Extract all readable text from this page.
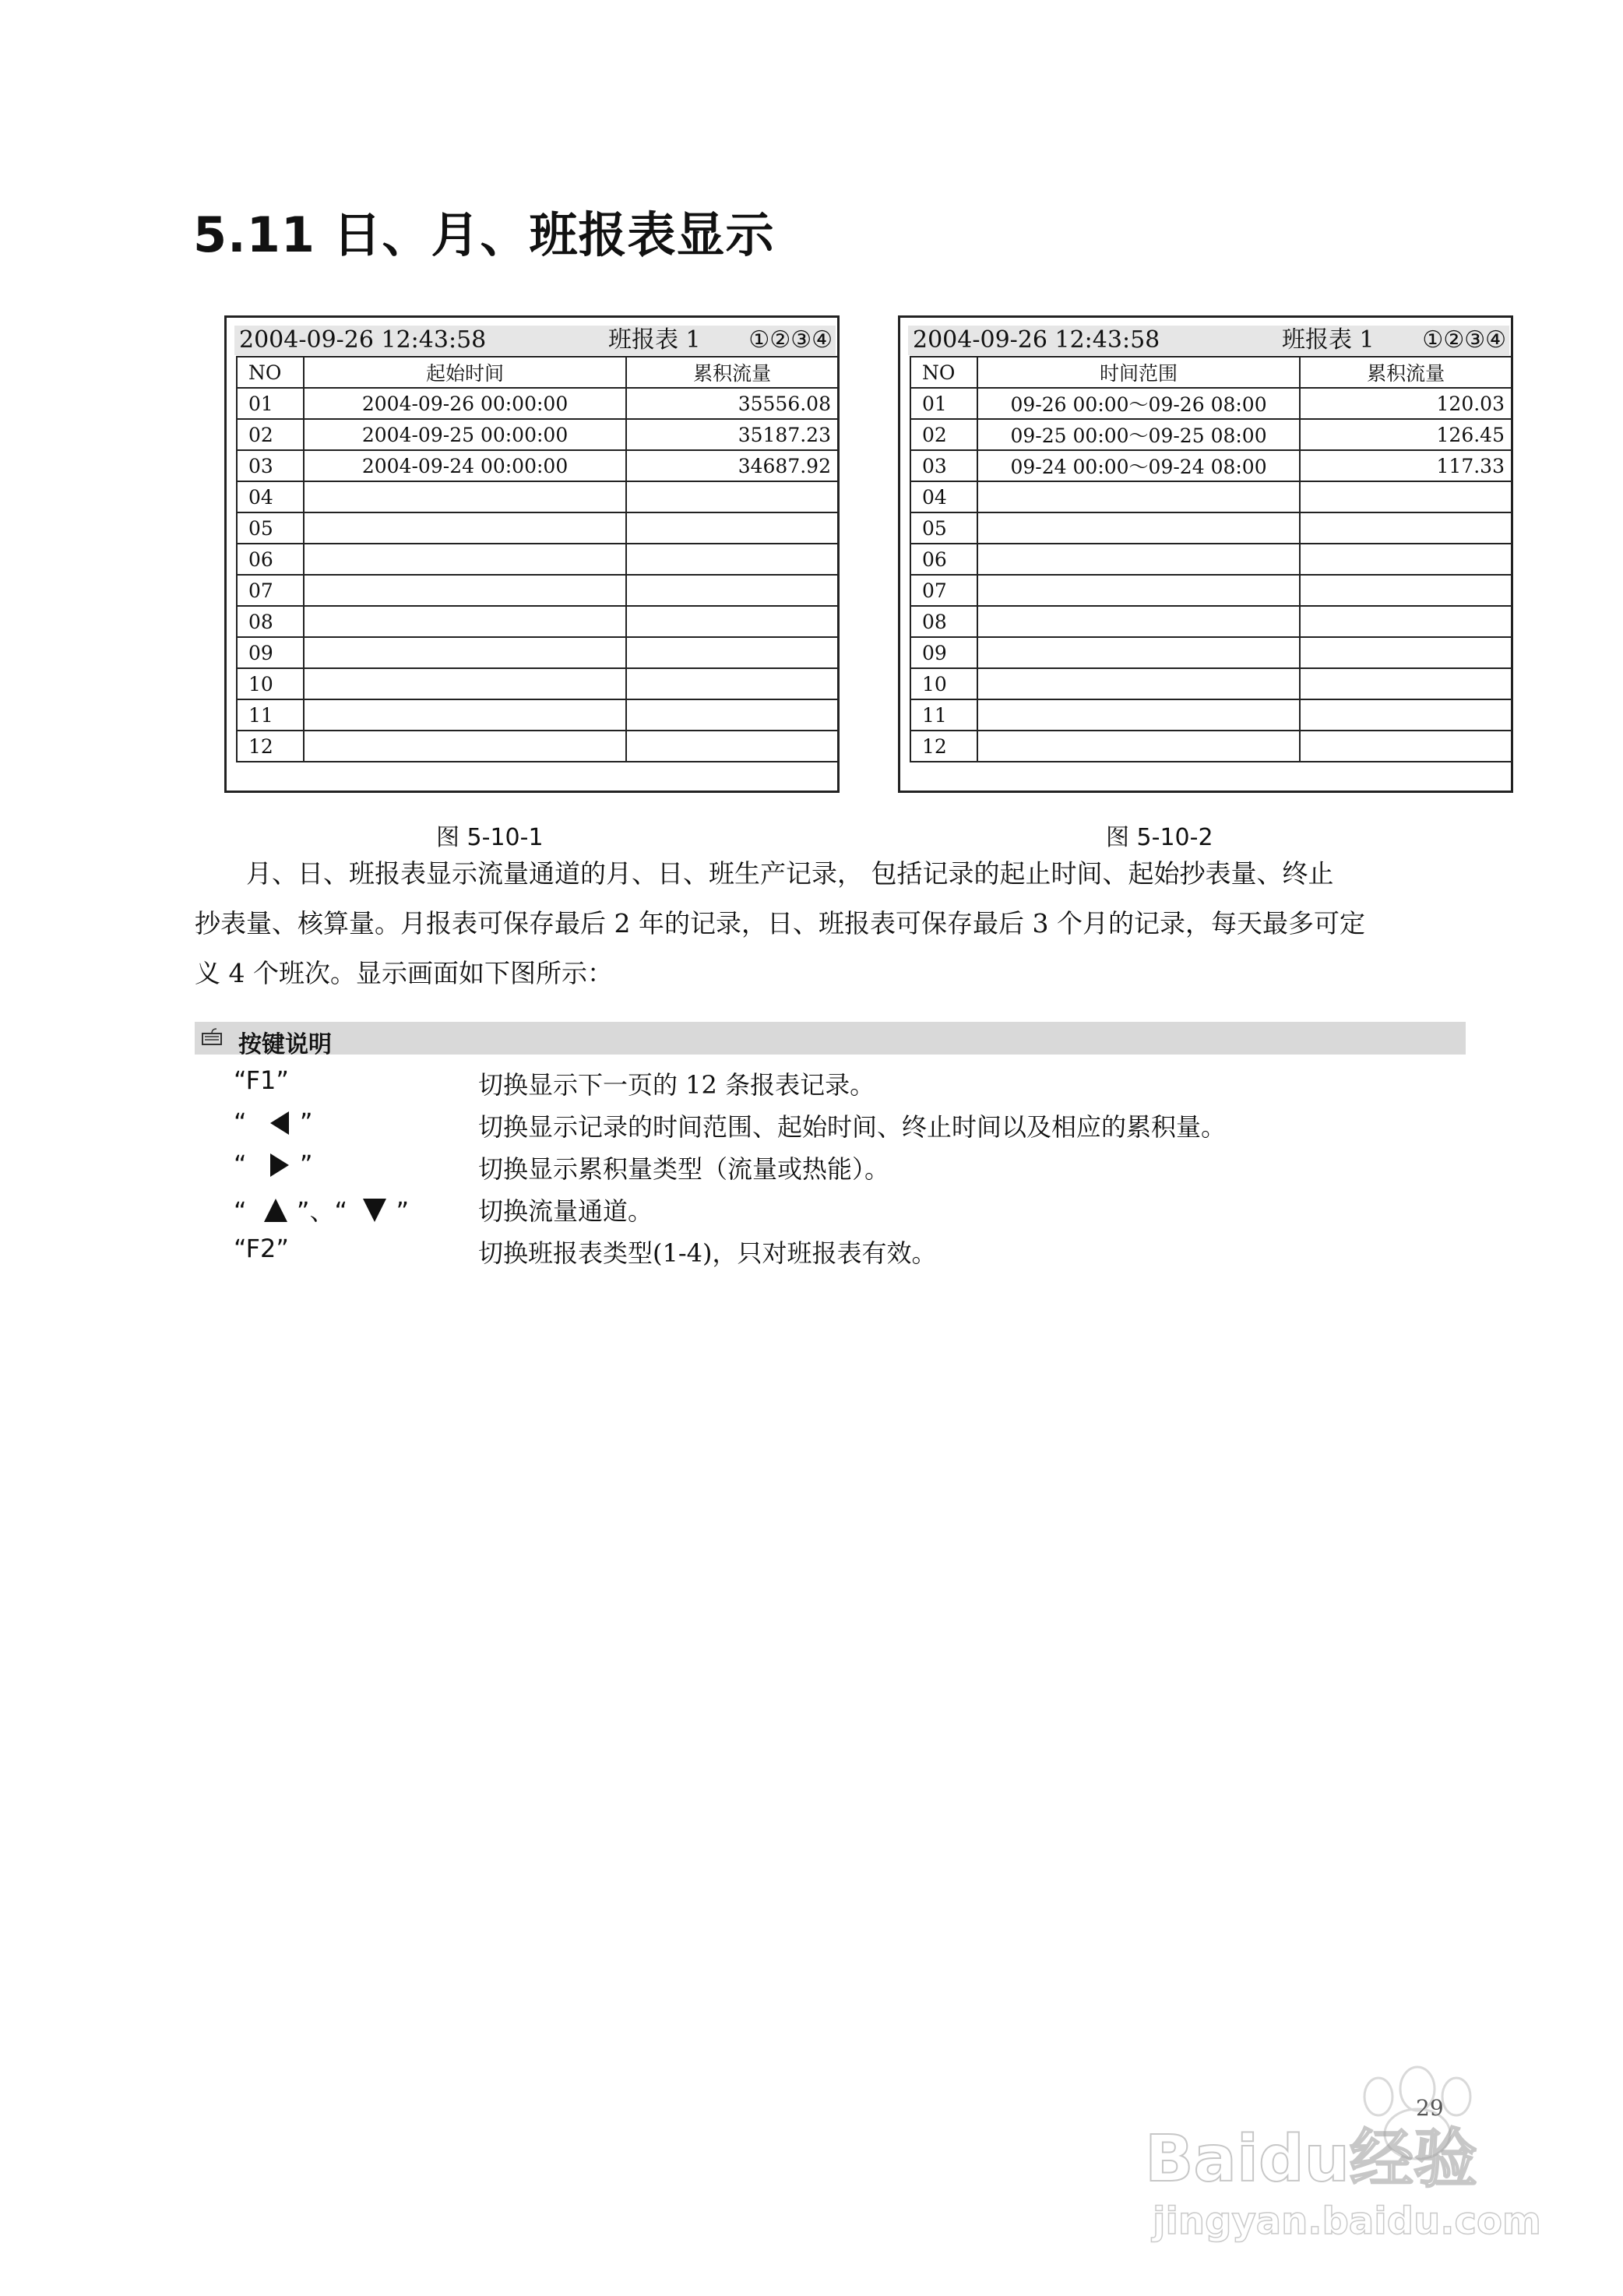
5.11 日、月、班报表显示
2004-09-26 12:43:58	班报表 1 ①②③④
NO	起始时间	累积流量
01	2004-09-26 00:00:00	35556.08
02	2004-09-25 00:00:00	35187.23
03	2004-09-24 00:00:00	34687.92
04		
05		
06		
07		
08		
09		
10		
11		
12		
图 5-10-1
2004-09-26 12:43:58	班报表 1 ①②③④
NO	时间范围	累积流量
01	09-26 00:00～09-26 08:00	120.03
02	09-25 00:00～09-25 08:00	126.45
03	09-24 00:00～09-24 08:00	117.33
04		
05		
06		
07		
08		
09		
10		
11		
12		
图 5-10-2

月、日、班报表显示流量通道的月、日、班生产记录， 包括记录的起止时间、起始抄表量、终止

抄表量、核算量。月报表可保存最后 2 年的记录，日、班报表可保存最后 3 个月的记录，每天最多可定
义 4 个班次。显示画面如下图所示：
按键说明
“F1”	切换显示下一页的 12 条报表记录。
“ ”	切换显示记录的时间范围、起始时间、终止时间以及相应的累积量。
“ ”	切换显示累积量类型（流量或热能）。
“ ”、“ ”	切换流量通道。
“F2”	切换班报表类型(1-4)，只对班报表有效。
29
Baidu经验
jingyan.baidu.com
